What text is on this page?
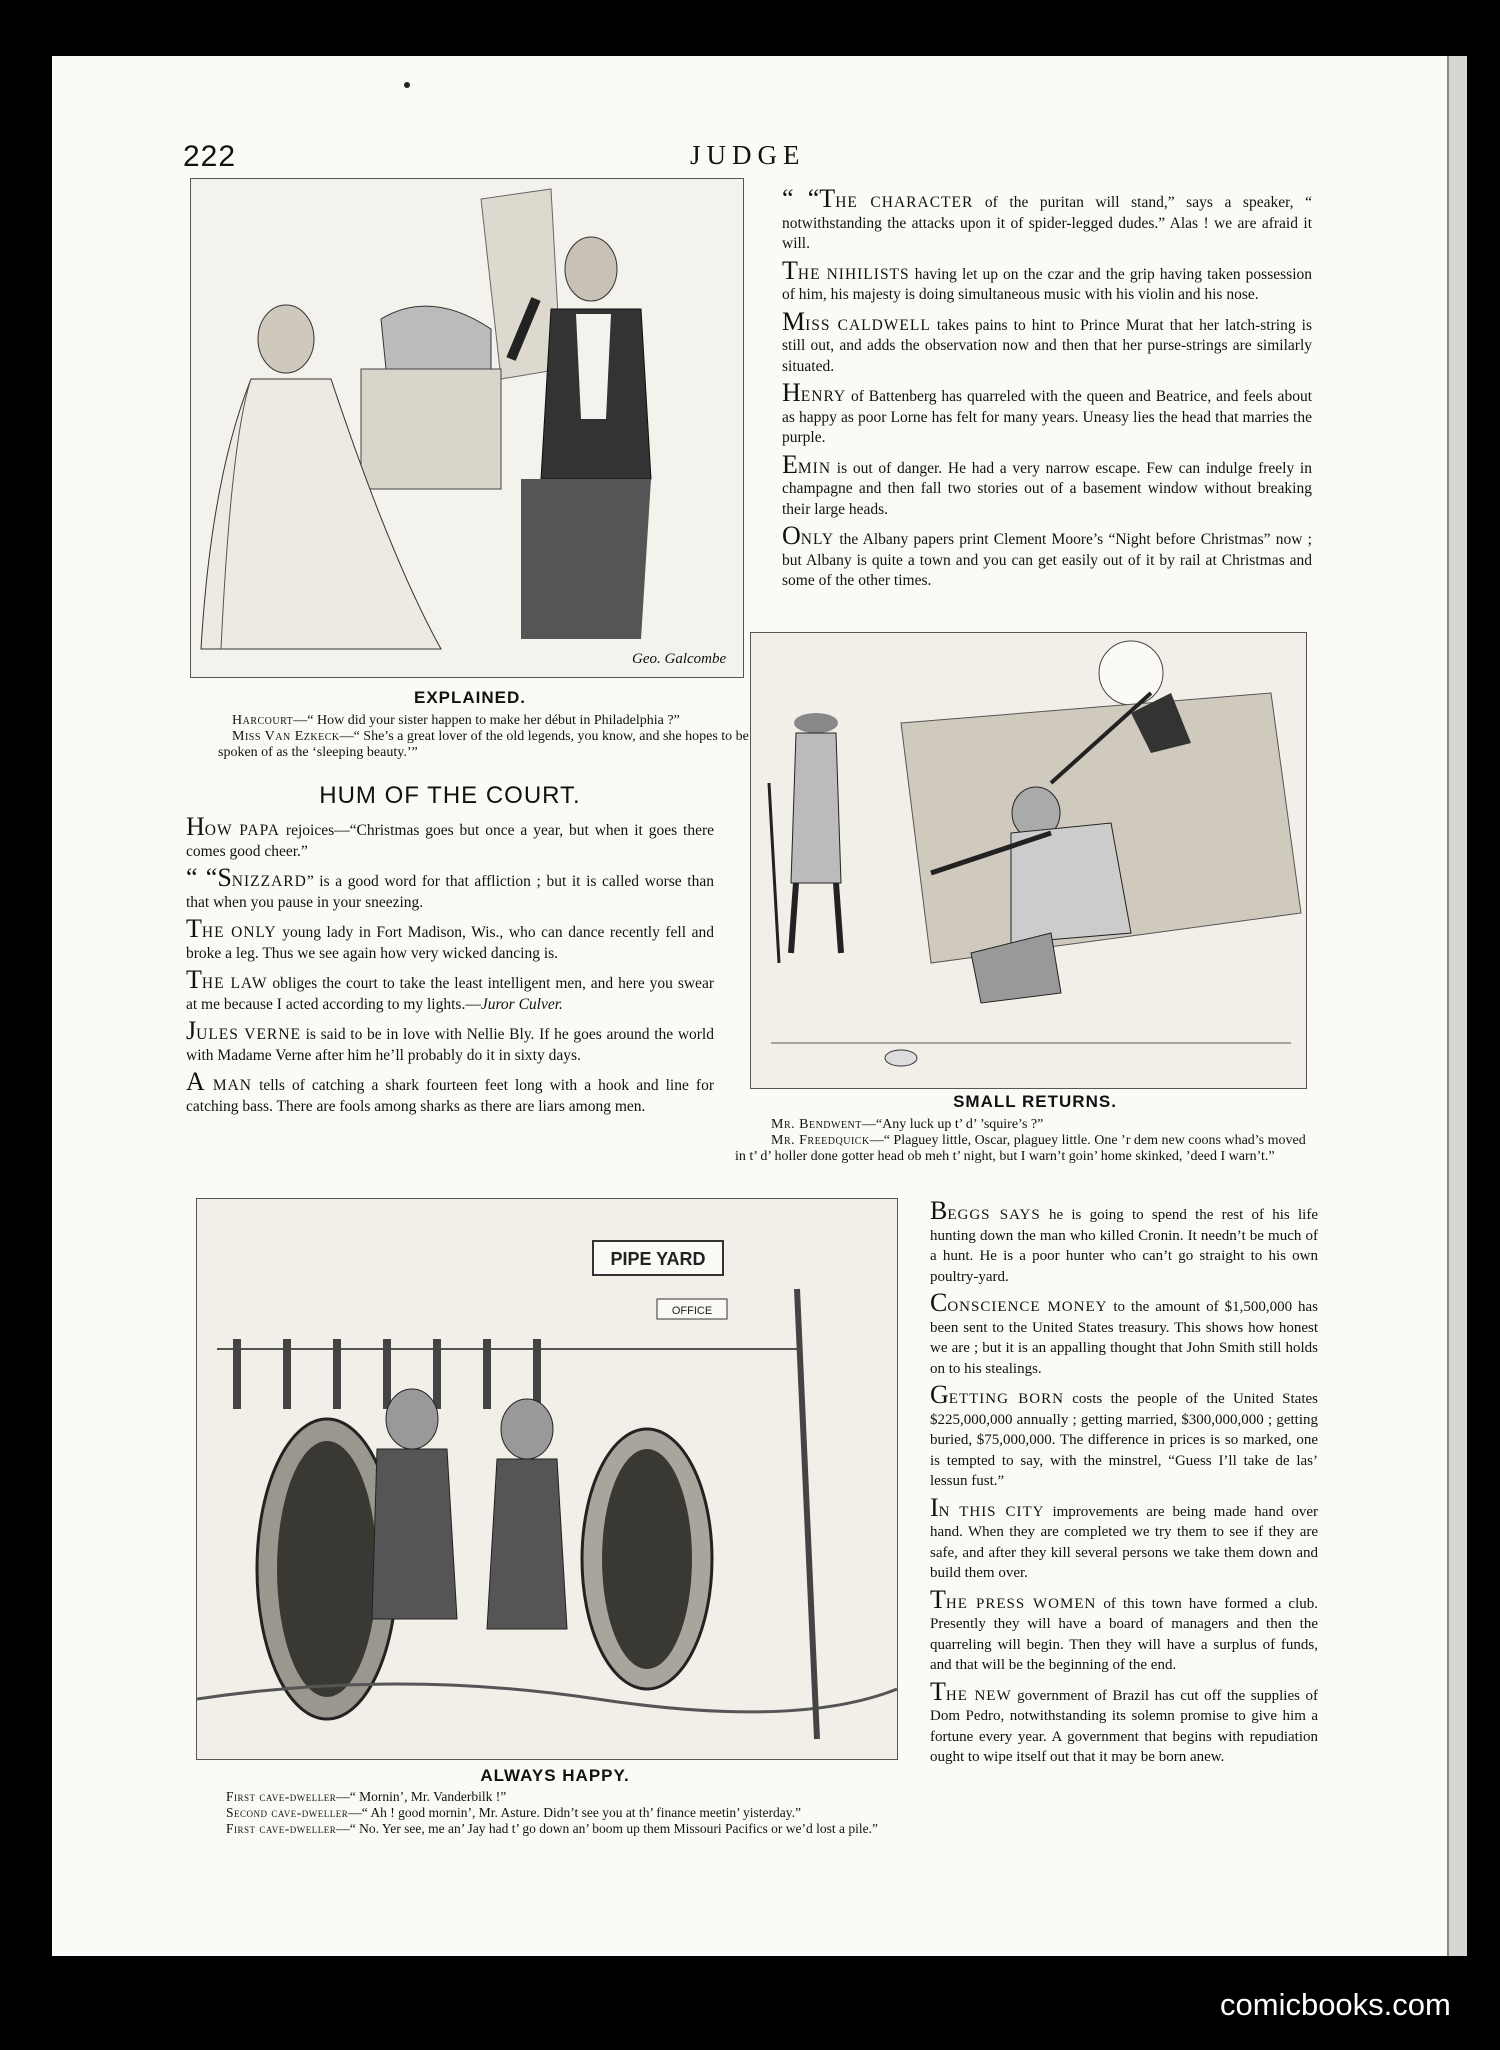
222	JUDGE
Geo. Galcombe
EXPLAINED.

Harcourt—“ How did your sister happen to make her début in Philadelphia ?”

Miss Van Ezkeck—“ She’s a great lover of the old legends, you know, and she hopes to be spoken of as the ‘sleeping beauty.’”

“ “THE CHARACTER of the puritan will stand,” says a speaker, “ notwithstanding the attacks upon it of spider-legged dudes.” Alas ! we are afraid it will.

THE NIHILISTS having let up on the czar and the grip having taken possession of him, his majesty is doing simultaneous music with his violin and his nose.

MISS CALDWELL takes pains to hint to Prince Murat that her latch-string is still out, and adds the observation now and then that her purse-strings are similarly situated.

HENRY of Battenberg has quarreled with the queen and Beatrice, and feels about as happy as poor Lorne has felt for many years. Uneasy lies the head that marries the purple.

EMIN is out of danger. He had a very narrow escape. Few can indulge freely in champagne and then fall two stories out of a basement window without breaking their large heads.

ONLY the Albany papers print Clement Moore’s “Night before Christmas” now ; but Albany is quite a town and you can get easily out of it by rail at Christmas and some of the other times.

SMALL RETURNS.

Mr. Bendwent—“Any luck up t’ d’ ’squire’s ?”

Mr. Freedquick—“ Plaguey little, Oscar, plaguey little. One ’r dem new coons whad’s moved in t’ d’ holler done gotter head ob meh t’ night, but I warn’t goin’ home skinked, ’deed I warn’t.”

HUM OF THE COURT.

HOW PAPA rejoices—“Christmas goes but once a year, but when it goes there comes good cheer.”

“ “SNIZZARD” is a good word for that affliction ; but it is called worse than that when you pause in your sneezing.

THE ONLY young lady in Fort Madison, Wis., who can dance recently fell and broke a leg. Thus we see again how very wicked dancing is.

THE LAW obliges the court to take the least intelligent men, and here you swear at me because I acted according to my lights.—Juror Culver.

JULES VERNE is said to be in love with Nellie Bly. If he goes around the world with Madame Verne after him he’ll probably do it in sixty days.

A MAN tells of catching a shark fourteen feet long with a hook and line for catching bass. There are fools among sharks as there are liars among men.

PIPE YARD
OFFICE
ALWAYS HAPPY.

First cave-dweller—“ Mornin’, Mr. Vanderbilk !”

Second cave-dweller—“ Ah ! good mornin’, Mr. Asture. Didn’t see you at th’ finance meetin’ yisterday.”

First cave-dweller—“ No. Yer see, me an’ Jay had t’ go down an’ boom up them Missouri Pacifics or we’d lost a pile.”

BEGGS SAYS he is going to spend the rest of his life hunting down the man who killed Cronin. It needn’t be much of a hunt. He is a poor hunter who can’t go straight to his own poultry-yard.

CONSCIENCE MONEY to the amount of $1,500,000 has been sent to the United States treasury. This shows how honest we are ; but it is an appalling thought that John Smith still holds on to his stealings.

GETTING BORN costs the people of the United States $225,000,000 annually ; getting married, $300,000,000 ; getting buried, $75,000,000. The difference in prices is so marked, one is tempted to say, with the minstrel, “Guess I’ll take de las’ lessun fust.”

IN THIS CITY improvements are being made hand over hand. When they are completed we try them to see if they are safe, and after they kill several persons we take them down and build them over.

THE PRESS WOMEN of this town have formed a club. Presently they will have a board of managers and then the quarreling will begin. Then they will have a surplus of funds, and that will be the beginning of the end.

THE NEW government of Brazil has cut off the supplies of Dom Pedro, notwithstanding its solemn promise to give him a fortune every year. A government that begins with repudiation ought to wipe itself out that it may be born anew.

comicbooks.com
